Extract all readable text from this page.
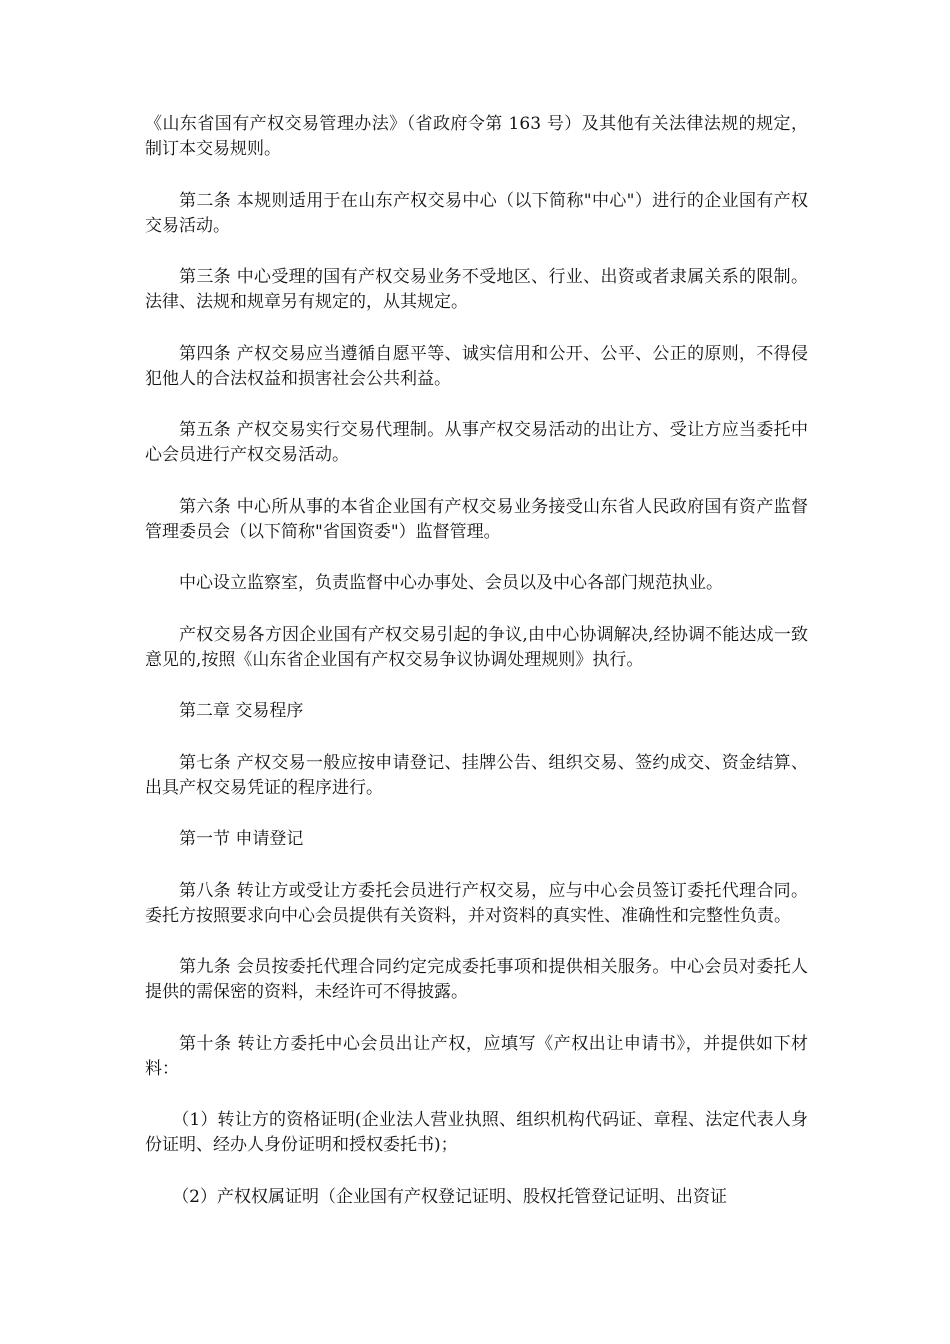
《山东省国有产权交易管理办法》（省政府令第 163 号）及其他有关法律法规的规定，制订本交易规则。

第二条 本规则适用于在山东产权交易中心（以下简称"中心"）进行的企业国有产权交易活动。

第三条 中心受理的国有产权交易业务不受地区、行业、出资或者隶属关系的限制。法律、法规和规章另有规定的，从其规定。

第四条 产权交易应当遵循自愿平等、诚实信用和公开、公平、公正的原则，不得侵犯他人的合法权益和损害社会公共利益。

第五条 产权交易实行交易代理制。从事产权交易活动的出让方、受让方应当委托中心会员进行产权交易活动。

第六条 中心所从事的本省企业国有产权交易业务接受山东省人民政府国有资产监督管理委员会（以下简称"省国资委"）监督管理。

中心设立监察室，负责监督中心办事处、会员以及中心各部门规范执业。

产权交易各方因企业国有产权交易引起的争议,由中心协调解决,经协调不能达成一致意见的,按照《山东省企业国有产权交易争议协调处理规则》执行。

第二章 交易程序

第七条 产权交易一般应按申请登记、挂牌公告、组织交易、签约成交、资金结算、出具产权交易凭证的程序进行。

第一节 申请登记

第八条 转让方或受让方委托会员进行产权交易，应与中心会员签订委托代理合同。委托方按照要求向中心会员提供有关资料，并对资料的真实性、准确性和完整性负责。

第九条 会员按委托代理合同约定完成委托事项和提供相关服务。中心会员对委托人提供的需保密的资料，未经许可不得披露。

第十条 转让方委托中心会员出让产权，应填写《产权出让申请书》，并提供如下材料：

（1）转让方的资格证明(企业法人营业执照、组织机构代码证、章程、法定代表人身份证明、经办人身份证明和授权委托书)；

（2）产权权属证明（企业国有产权登记证明、股权托管登记证明、出资证
